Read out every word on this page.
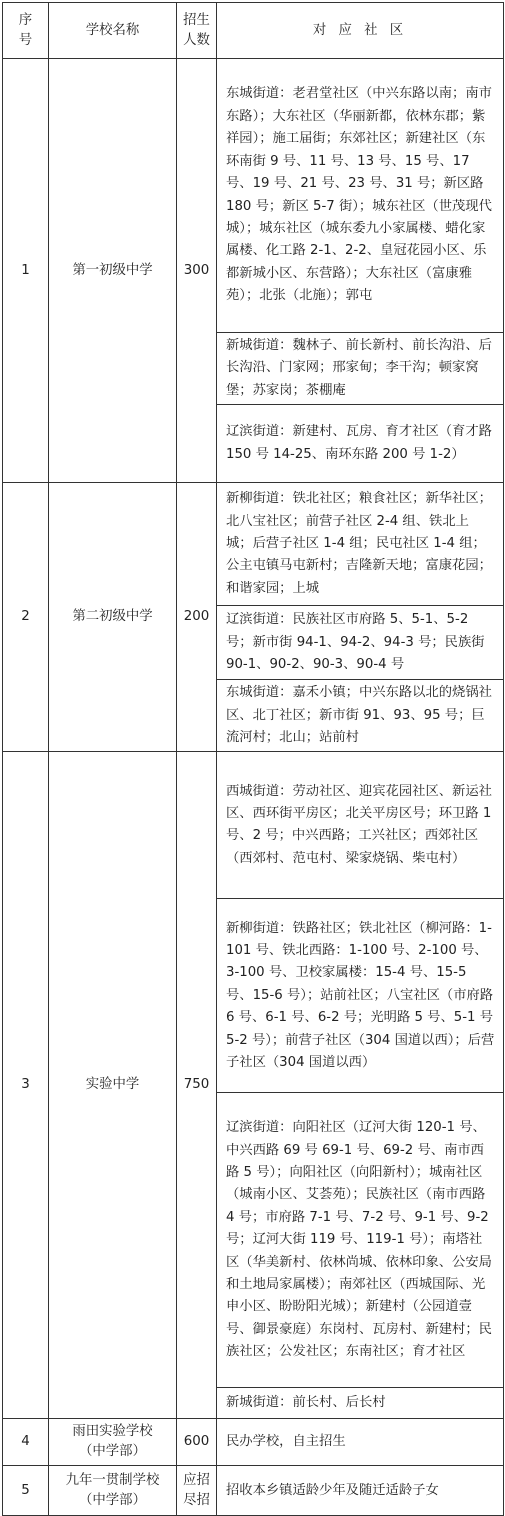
序号	学校名称	招生人数	对 应 社 区
1	第一初级中学	300	东城街道：老君堂社区（中兴东路以南；南市东路）；大东社区（华丽新都，依林东郡；紫祥园）；施工届街；东郊社区；新建社区（东环南街 9 号、11 号、13 号、15 号、17 号、19 号、21 号、23 号、31 号；新区路 180 号；新区 5-7 街）；城东社区（世茂现代城）；城东社区（城东委九小家属楼、蜡化家属楼、化工路 2-1、2-2、皇冠花园小区、乐都新城小区、东营路）；大东社区（富康雅苑）；北张（北施）；郭屯
			新城街道：魏林子、前长新村、前长沟沿、后长沟沿、门家网；邢家甸；李干沟；顿家窝堡；苏家岗；茶棚庵
			辽滨街道：新建村、瓦房、育才社区（育才路 150 号 14-25、南环东路 200 号 1-2）
2	第二初级中学	200	新柳街道：铁北社区；粮食社区；新华社区；北八宝社区；前营子社区 2-4 组、铁北上城；后营子社区 1-4 组；民屯社区 1-4 组；公主屯镇马屯新村；吉隆新天地；富康花园；和谐家园；上城
			辽滨街道：民族社区市府路 5、5-1、5-2 号；新市街 94-1、94-2、94-3 号；民族街 90-1、90-2、90-3、90-4 号
			东城街道：嘉禾小镇；中兴东路以北的烧锅社区、北丁社区；新市街 91、93、95 号；巨流河村；北山；站前村
3	实验中学	750	西城街道：劳动社区、迎宾花园社区、新运社区、西环街平房区；北关平房区号；环卫路 1 号、2 号；中兴西路；工兴社区；西郊社区（西郊村、范屯村、梁家烧锅、柴屯村）
			新柳街道：铁路社区；铁北社区（柳河路：1-101 号、铁北西路：1-100 号、2-100 号、3-100 号、卫校家属楼：15-4 号、15-5 号、15-6 号）；站前社区；八宝社区（市府路 6 号、6-1 号、6-2 号；光明路 5 号、5-1 号 5-2 号）；前营子社区（304 国道以西）；后营子社区（304 国道以西）
			辽滨街道：向阳社区（辽河大街 120-1 号、中兴西路 69 号 69-1 号、69-2 号、南市西路 5 号）；向阳社区（向阳新村）；城南社区（城南小区、艾荟苑）；民族社区（南市西路 4 号；市府路 7-1 号、7-2 号、9-1 号、9-2 号；辽河大街 119 号、119-1 号）；南塔社区（华美新村、依林尚城、依林印象、公安局和土地局家属楼）；南郊社区（西城国际、光申小区、盼盼阳光城）；新建村（公园道壹号、御景豪庭）东岗村、瓦房村、新建村；民族社区；公发社区；东南社区；育才社区
			新城街道：前长村、后长村
4	雨田实验学校（中学部）	600	民办学校，自主招生
5	九年一贯制学校（中学部）	应招尽招	招收本乡镇适龄少年及随迁适龄子女
